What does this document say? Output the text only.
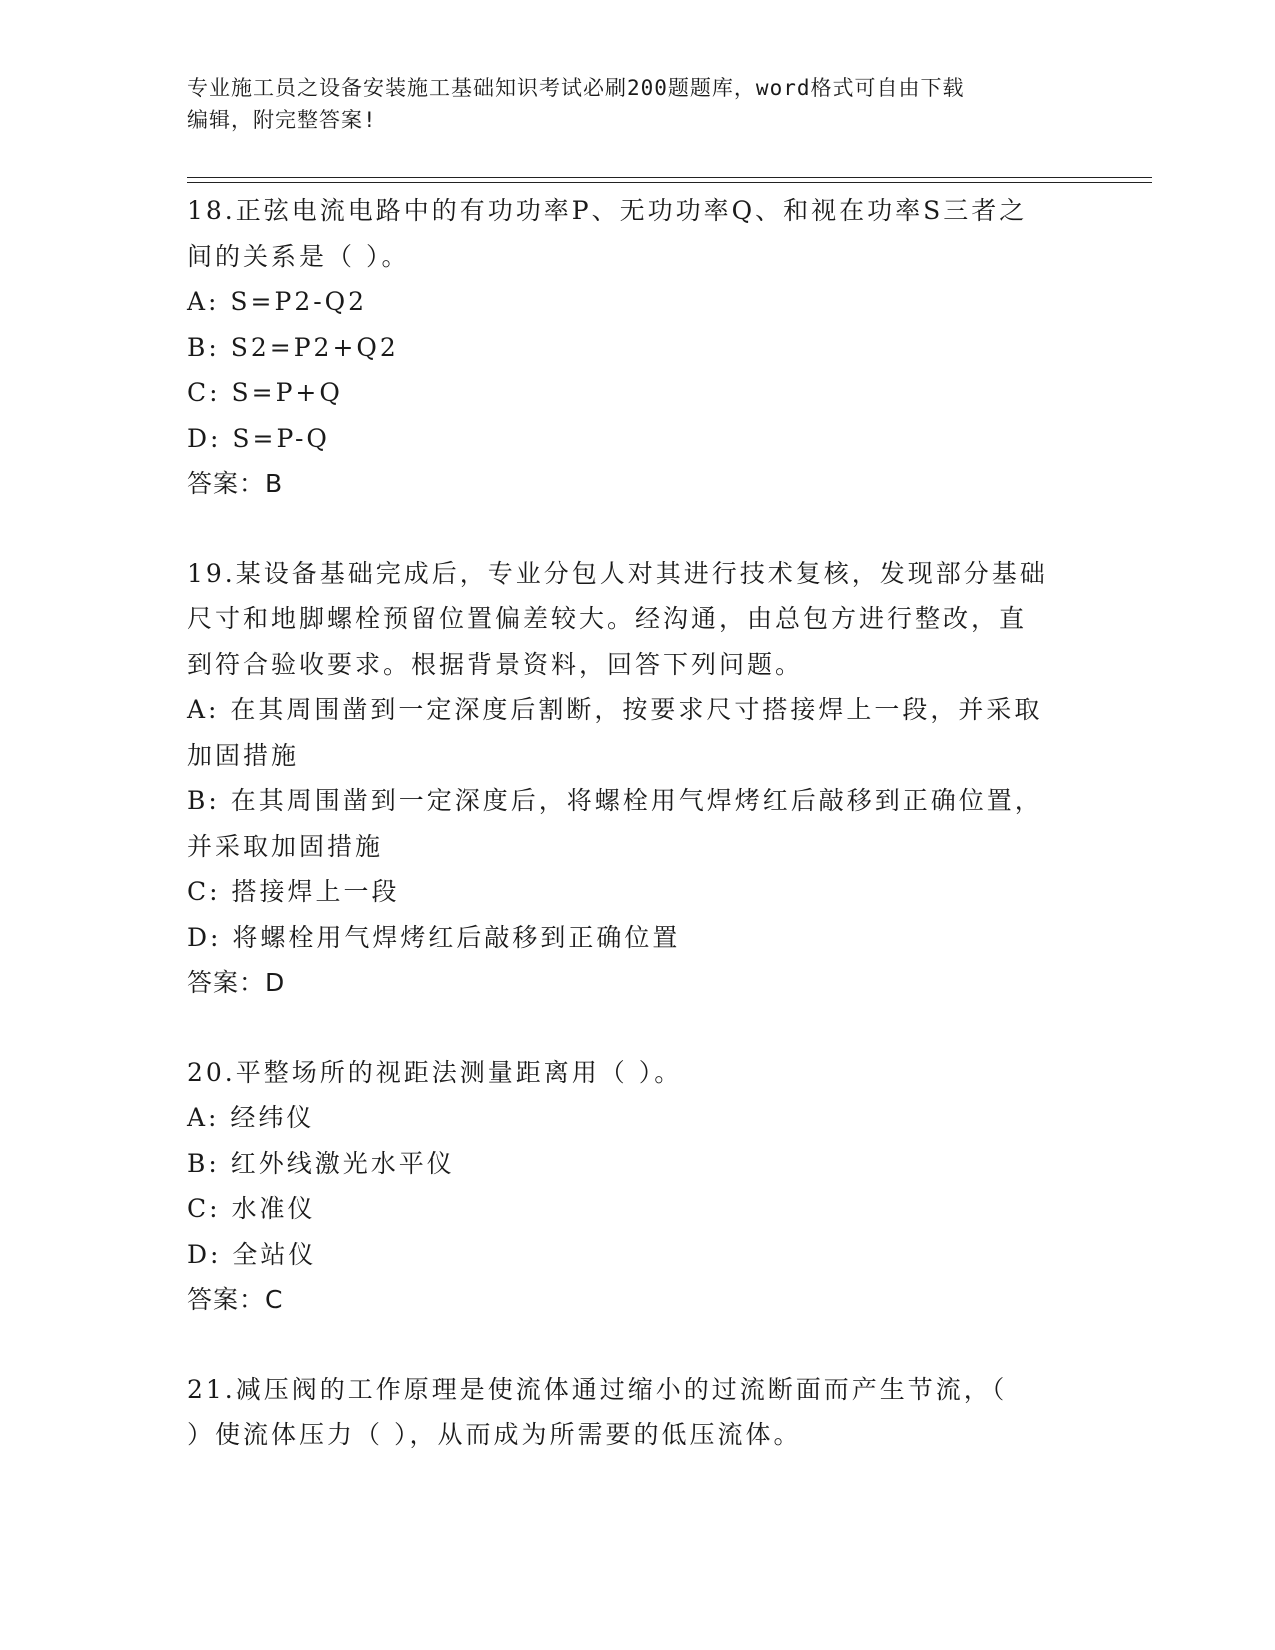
专业施工员之设备安装施工基础知识考试必刷200题题库，word格式可自由下载
编辑，附完整答案!
18.正弦电流电路中的有功功率P、无功功率Q、和视在功率S三者之
间的关系是（ ）。
A: S=P2-Q2
B: S2=P2+Q2
C: S=P+Q
D: S=P-Q
答案：B
19.某设备基础完成后，专业分包人对其进行技术复核，发现部分基础
尺寸和地脚螺栓预留位置偏差较大。经沟通，由总包方进行整改，直
到符合验收要求。根据背景资料，回答下列问题。
A: 在其周围凿到一定深度后割断，按要求尺寸搭接焊上一段，并采取
加固措施
B: 在其周围凿到一定深度后，将螺栓用气焊烤红后敲移到正确位置，
并采取加固措施
C: 搭接焊上一段
D: 将螺栓用气焊烤红后敲移到正确位置
答案：D
20.平整场所的视距法测量距离用（ ）。
A: 经纬仪
B: 红外线激光水平仪
C: 水准仪
D: 全站仪
答案：C
21.减压阀的工作原理是使流体通过缩小的过流断面而产生节流，（
）使流体压力（ ），从而成为所需要的低压流体。
